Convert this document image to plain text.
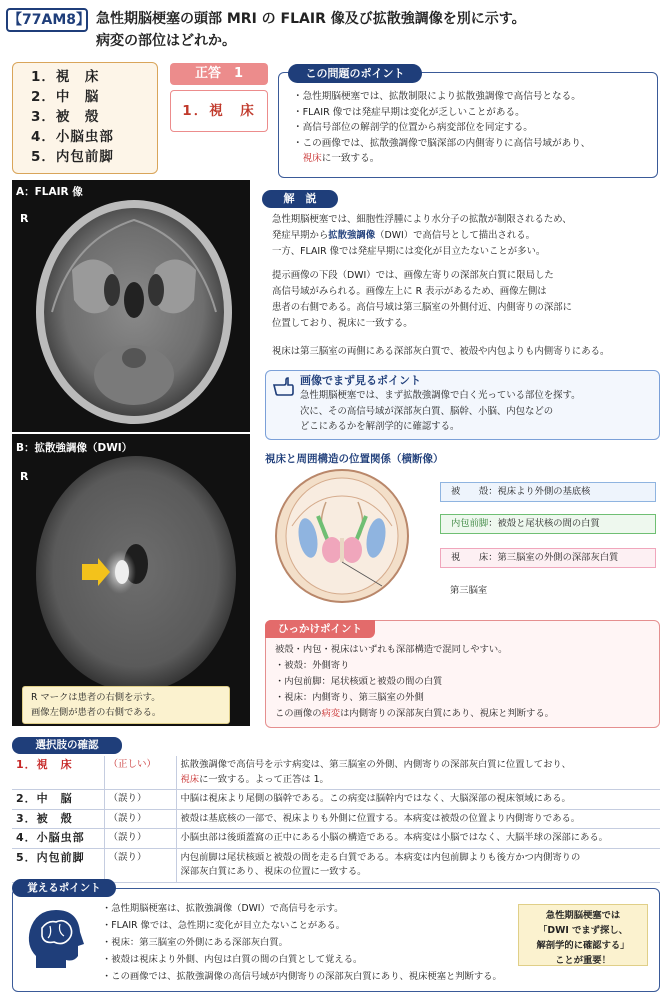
【77AM8】 急性期脳梗塞の頭部 MRI の FLAIR 像及び拡散強調像を別に示す。
病変の部位はどれか。
1．視　床
2．中　脳
3．被　殻
4．小脳虫部
5．内包前脚
正答　1
1．視　床
・ 急性期脳梗塞では、拡散制限により拡散強調像で高信号となる。
・ FLAIR 像では発症早期は変化が乏しいことがある。
・ 高信号部位の解剖学的位置から病変部位を同定する。
・ この画像では、拡散強調像で脳深部の内側寄りに高信号域があり、
　視床に一致する。
この問題のポイント
A：FLAIR 像
R
B：拡散強調像（DWI）
R
R マークは患者の右側を示す。
画像左側が患者の右側である。
解　説
急性期脳梗塞では、細胞性浮腫により水分子の拡散が制限されるため、
発症早期から拡散強調像（DWI）で高信号として描出される。
一方、FLAIR 像では発症早期には変化が目立たないことが多い。
提示画像の下段（DWI）では、画像左寄りの深部灰白質に限局した
高信号域がみられる。画像左上に R 表示があるため、画像左側は
患者の右側である。高信号域は第三脳室の外側付近、内側寄りの深部に
位置しており、視床に一致する。
視床は第三脳室の両側にある深部灰白質で、被殻や内包よりも内側寄りにある。
画像でまず見るポイント
急性期脳梗塞では、まず拡散強調像で白く光っている部位を探す。
次に、その高信号域が深部灰白質、脳幹、小脳、内包などの
どこにあるかを解剖学的に確認する。
視床と周囲構造の位置関係（横断像）
被　　殻：視床より外側の基底核
内包前脚：被殻と尾状核の間の白質
視　　床：第三脳室の外側の深部灰白質
第三脳室
ひっかけポイント
被殻・内包・視床はいずれも深部構造で混同しやすい。
・被殻：外側寄り
・内包前脚：尾状核頭と被殻の間の白質
・視床：内側寄り、第三脳室の外側
この画像の病変は内側寄りの深部灰白質にあり、視床と判断する。
選択肢の確認
1．視　床	（正しい）	拡散強調像で高信号を示す病変は、第三脳室の外側、内側寄りの深部灰白質に位置しており、
視床に一致する。よって正答は 1。
2．中　脳	（誤り）	中脳は視床より尾側の脳幹である。この病変は脳幹内ではなく、大脳深部の視床領域にある。
3．被　殻	（誤り）	被殻は基底核の一部で、視床よりも外側に位置する。本病変は被殻の位置より内側寄りである。
4．小脳虫部	（誤り）	小脳虫部は後頭蓋窩の正中にある小脳の構造である。本病変は小脳ではなく、大脳半球の深部にある。
5．内包前脚	（誤り）	内包前脚は尾状核頭と被殻の間を走る白質である。本病変は内包前脚よりも後方かつ内側寄りの
深部灰白質にあり、視床の位置に一致する。
覚えるポイント
・急性期脳梗塞は、拡散強調像（DWI）で高信号を示す。
・FLAIR 像では、急性期に変化が目立たないことがある。
・視床：第三脳室の外側にある深部灰白質。
・被殻は視床より外側、内包は白質の間の白質として覚える。
・この画像では、拡散強調像の高信号域が内側寄りの深部灰白質にあり、視床梗塞と判断する。
急性期脳梗塞では
「DWI でまず探し、
解剖学的に確認する」
ことが重要！
